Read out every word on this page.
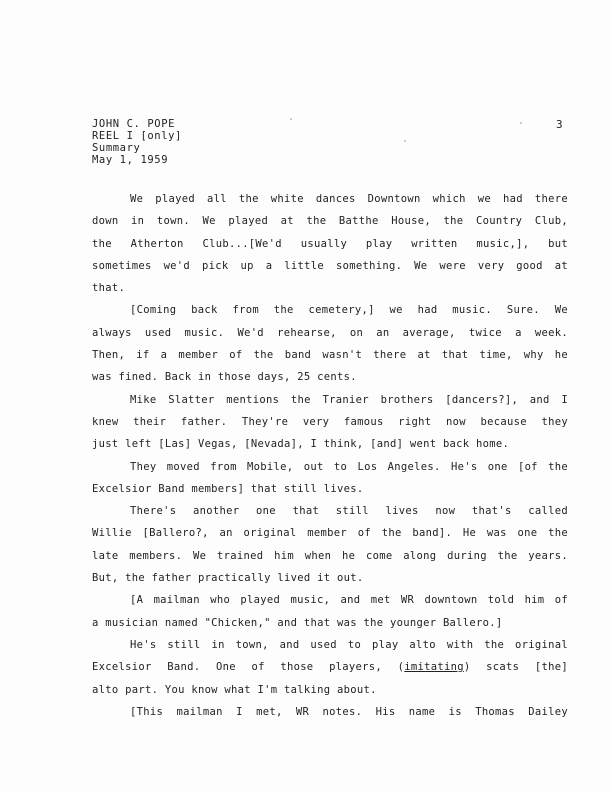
JOHN C. POPE
REEL I [only]
Summary
May 1, 1959
3
We played all the white dances Downtown which we had there
down in town. We played at the Batthe House, the Country Club,
the Atherton Club...[We'd usually play written music,], but
sometimes we'd pick up a little something. We were very good at
that.
[Coming back from the cemetery,] we had music. Sure. We
always used music. We'd rehearse, on an average, twice a week.
Then, if a member of the band wasn't there at that time, why he
was fined. Back in those days, 25 cents.
Mike Slatter mentions the Tranier brothers [dancers?], and I
knew their father. They're very famous right now because they
just left [Las] Vegas, [Nevada], I think, [and] went back home.
They moved from Mobile, out to Los Angeles. He's one [of the
Excelsior Band members] that still lives.
There's another one that still lives now that's called
Willie [Ballero?, an original member of the band]. He was one the
late members. We trained him when he come along during the years.
But, the father practically lived it out.
[A mailman who played music, and met WR downtown told him of
a musician named "Chicken," and that was the younger Ballero.]
He's still in town, and used to play alto with the original
Excelsior Band. One of those players, (imitating) scats [the]
alto part. You know what I'm talking about.
[This mailman I met, WR notes. His name is Thomas Dailey
